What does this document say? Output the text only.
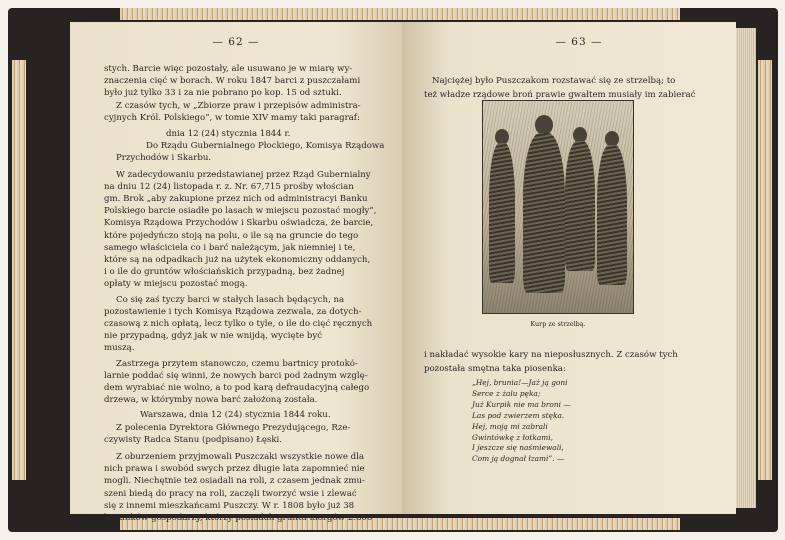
— 62 —
stych. Barcie więc pozostały, ale usuwano je w miarę wy-
znaczenia cięć w borach. W roku 1847 barci z puszczałami
było już tylko 33 i za nie pobrano po kop. 15 od sztuki.
Z czasów tych, w „Zbiorze praw i przepisów administra-
cyjnych Król. Polskiego”, w tomie XIV mamy taki paragraf:
dnia 12 (24) stycznia 1844 r.
Do Rządu Gubernialnego Płockiego, Komisya Rządowa
Przychodów i Skarbu.
W zadecydowaniu przedstawianej przez Rząd Gubernialny
na dniu 12 (24) listopada r. z. Nr. 67,715 prośby włościan
gm. Brok „aby zakupione przez nich od administracyi Banku
Polskiego barcie osiadłe po lasach w miejscu pozostać mogły”,
Komisya Rządowa Przychodów i Skarbu oświadcza, że barcie,
które pojedyńczo stoją na polu, o ile są na gruncie do tego
samego właściciela co i barć należącym, jak niemniej i te,
które są na odpadkach już na użytek ekonomiczny oddanych,
i o ile do gruntów włościańskich przypadną, bez żadnej
opłaty w miejscu pozostać mogą.
Co się zaś tyczy barci w stałych lasach będących, na
pozostawienie i tych Komisya Rządowa zezwala, za dotych-
czasową z nich opłatą, lecz tylko o tyle, o ile do cięć ręcznych
nie przypadną, gdyż jak w nie wnijdą, wycięte być
muszą.
Zastrzega przytem stanowczo, czemu bartnicy protokó-
larnie poddać się winni, że nowych barci pod żadnym wzglę-
dem wyrabiać nie wolno, a to pod karą defraudacyjną całego
drzewa, w którymby nowa barć założoną została.
Warszawa, dnia 12 (24) stycznia 1844 roku.
Z polecenia Dyrektora Głównego Prezydującego, Rze-
czywisty Radca Stanu (podpisano) Łęski.
Z oburzeniem przyjmowali Puszczaki wszystkie nowe dla
nich prawa i swobód swych przez długie lata zapomnieć nie
mogli. Niechętnie też osiadali na roli, z czasem jednak zmu-
szeni biedą do pracy na roli, zaczęli tworzyć wsie i zlewać
się z innemi mieszkańcami Puszczy. W r. 1808 było już 38
bartników-gospodarzy, którzy posiadali gruntu morgów 2.806
— 63 —
Najciężej było Puszczakom rozstawać się ze strzelbą; to
też władze rządowe broń prawie gwałtem musiały im zabierać
Kurp ze strzelbą.
i nakładać wysokie kary na nieposłusznych. Z czasów tych
pozostała smętna taka piosenka:
„Hej, brunia!—Jaż ją goni
Serce z żalu pęka;
Już Kurpik nie ma broni —
Las pod zwierzem stęka.
Hej, moją mi zabrali
Gwintówkę z łotkami,
I jeszcze się naśmiewali,
Com ją dognał łzami”. —
